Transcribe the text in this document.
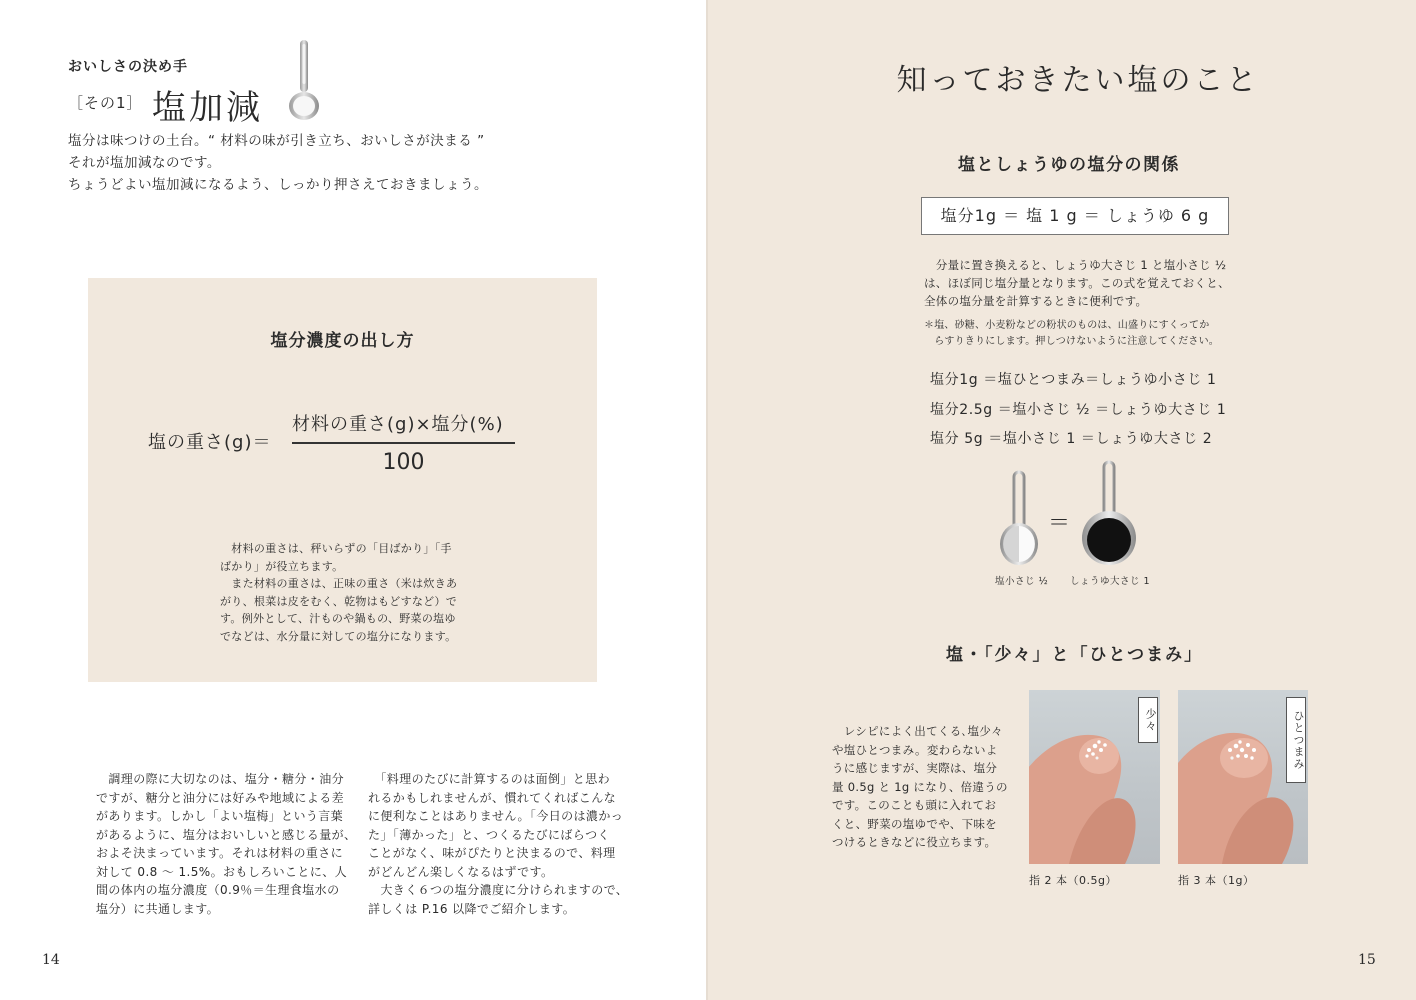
おいしさの決め手
［その1］ 塩加減
塩分は味つけの土台。“ 材料の味が引き立ち、おいしさが決まる ”
それが塩加減なのです。
ちょうどよい塩加減になるよう、しっかり押さえておきましょう。
塩分濃度の出し方
塩の重さ(g)＝
材料の重さ(g)×塩分(%)
100
　材料の重さは、秤いらずの「目ばかり」「手
ばかり」が役立ちます。
　また材料の重さは、正味の重さ（米は炊きあ
がり、根菜は皮をむく、乾物はもどすなど）で
す。例外として、汁ものや鍋もの、野菜の塩ゆ
でなどは、水分量に対しての塩分になります。
　調理の際に大切なのは、塩分・糖分・油分
ですが、糖分と油分には好みや地域による差
があります。しかし「よい塩梅」という言葉
があるように、塩分はおいしいと感じる量が、
およそ決まっています。それは材料の重さに
対して 0.8 〜 1.5%。おもしろいことに、人
間の体内の塩分濃度（0.9％＝生理食塩水の
塩分）に共通します。
　「料理のたびに計算するのは面倒」と思わ
れるかもしれませんが、慣れてくればこんな
に便利なことはありません。「今日のは濃かっ
た」「薄かった」と、つくるたびにばらつく
ことがなく、味がぴたりと決まるので、料理
がどんどん楽しくなるはずです。
　大きく６つの塩分濃度に分けられますので、
詳しくは P.16 以降でご紹介します。
14
知っておきたい塩のこと
塩としょうゆの塩分の関係
塩分1g ＝ 塩 1 g ＝ しょうゆ 6 g
　分量に置き換えると、しょうゆ大さじ 1 と塩小さじ ½
は、ほぼ同じ塩分量となります。この式を覚えておくと、
全体の塩分量を計算するときに便利です。
＊塩、砂糖、小麦粉などの粉状のものは、山盛りにすくってか
　らすりきりにします。押しつけないように注意してください。
塩分1g ＝塩ひとつまみ＝しょうゆ小さじ 1
塩分2.5g ＝塩小さじ ½ ＝しょうゆ大さじ 1
塩分 5g ＝塩小さじ 1 ＝しょうゆ大さじ 2
＝
塩小さじ ½ しょうゆ大さじ 1
塩・「少々」と「ひとつまみ」
　レシピによく出てくる､塩少々
や塩ひとつまみ。変わらないよ
うに感じますが、実際は、塩分
量 0.5g と 1g になり、倍違うの
です。このことも頭に入れてお
くと、野菜の塩ゆでや、下味を
つけるときなどに役立ちます。
少々	ひとつまみ
指 2 本（0.5g）	指 3 本（1g）
15
